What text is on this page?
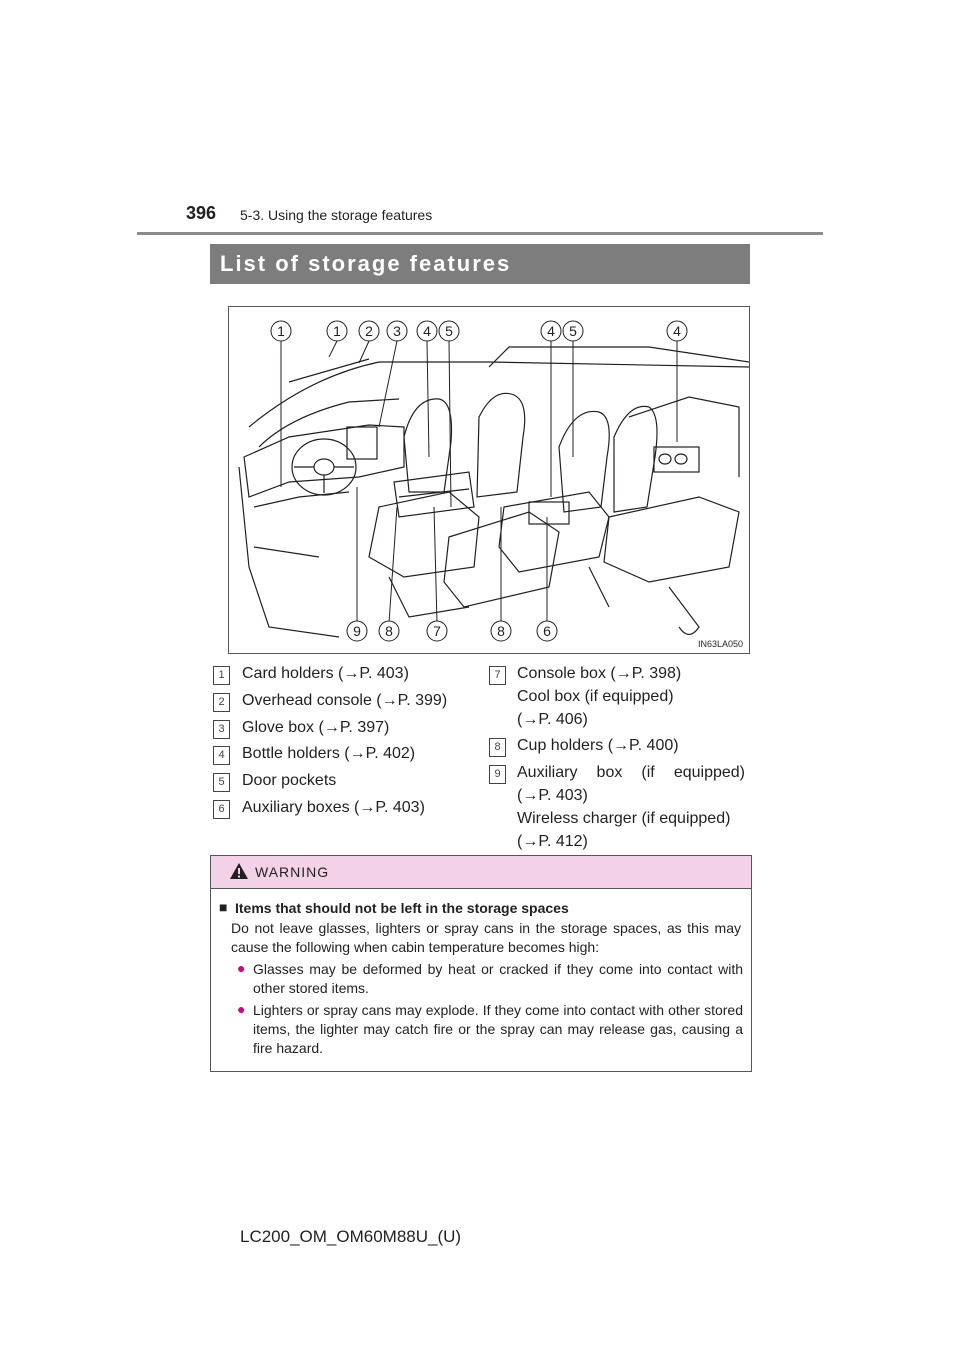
396 5-3. Using the storage features
List of storage features
1	1 2 3 4 5	4 5	4
9 8	7	8	6
IN63LA050
1	Card holders (→P. 403)
2	Overhead console (→P. 399)
3	Glove box (→P. 397)
4	Bottle holders (→P. 402)
5	Door pockets
6	Auxiliary boxes (→P. 403)
7	Console box (→P. 398)
Cool box (if equipped)
(→P. 406)
8	Cup holders (→P. 400)
9	Auxiliary box (if equipped)
(→P. 403)
Wireless charger (if equipped)
(→P. 412)
WARNING
■ Items that should not be left in the storage spaces
Do not leave glasses, lighters or spray cans in the storage spaces, as this may cause the following when cabin temperature becomes high:
● Glasses may be deformed by heat or cracked if they come into contact with other stored items.
● Lighters or spray cans may explode. If they come into contact with other stored items, the lighter may catch fire or the spray can may release gas, causing a fire hazard.
LC200_OM_OM60M88U_(U)
